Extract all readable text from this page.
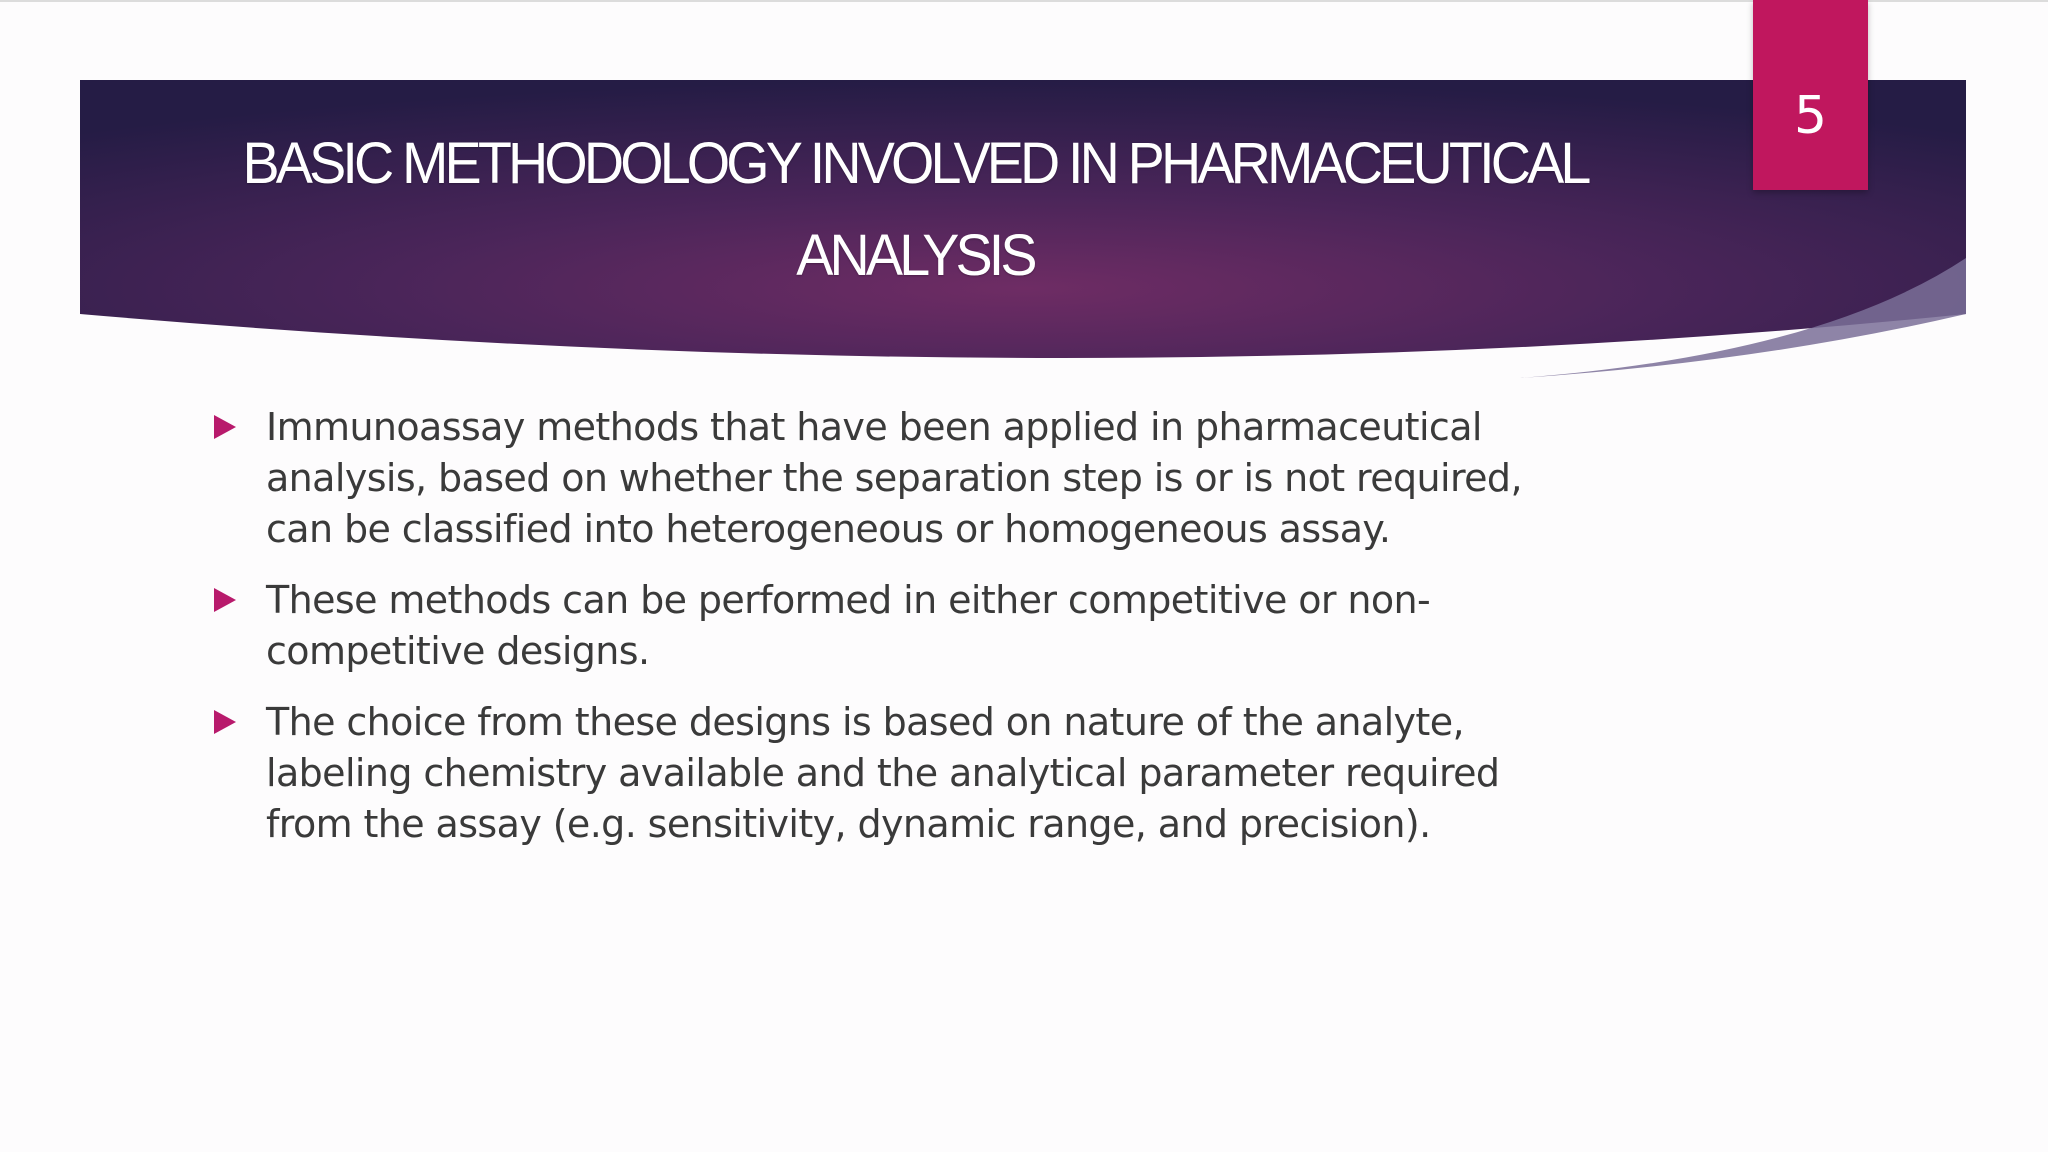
BASIC METHODOLOGY INVOLVED IN PHARMACEUTICAL
ANALYSIS
5
Immunoassay methods that have been applied in pharmaceutical analysis, based on whether the separation step is or is not required, can be classified into heterogeneous or homogeneous assay.
These methods can be performed in either competitive or non-competitive designs.
The choice from these designs is based on nature of the analyte, labeling chemistry available and the analytical parameter required from the assay (e.g. sensitivity, dynamic range, and precision).
